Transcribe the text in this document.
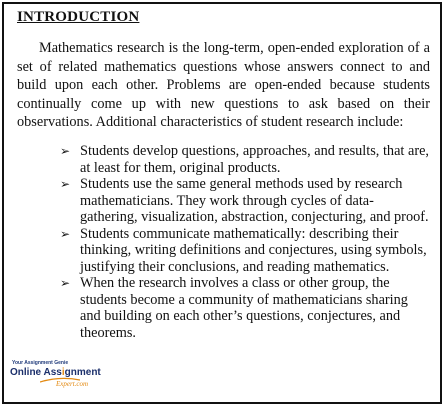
INTRODUCTION
Mathematics research is the long-term, open-ended exploration of a set of related mathematics questions whose answers connect to and build upon each other. Problems are open-ended because students continually come up with new questions to ask based on their observations. Additional characteristics of student research include:
➢ Students develop questions, approaches, and results, that are, at least for them, original products.
➢ Students use the same general methods used by research mathematicians. They work through cycles of data-gathering, visualization, abstraction, conjecturing, and proof.
➢ Students communicate mathematically: describing their thinking, writing definitions and conjectures, using symbols, justifying their conclusions, and reading mathematics.
➢ When the research involves a class or other group, the students become a community of mathematicians sharing and building on each other’s questions, conjectures, and theorems.
Your Assignment Genie
Online Assignment
Expert.com
